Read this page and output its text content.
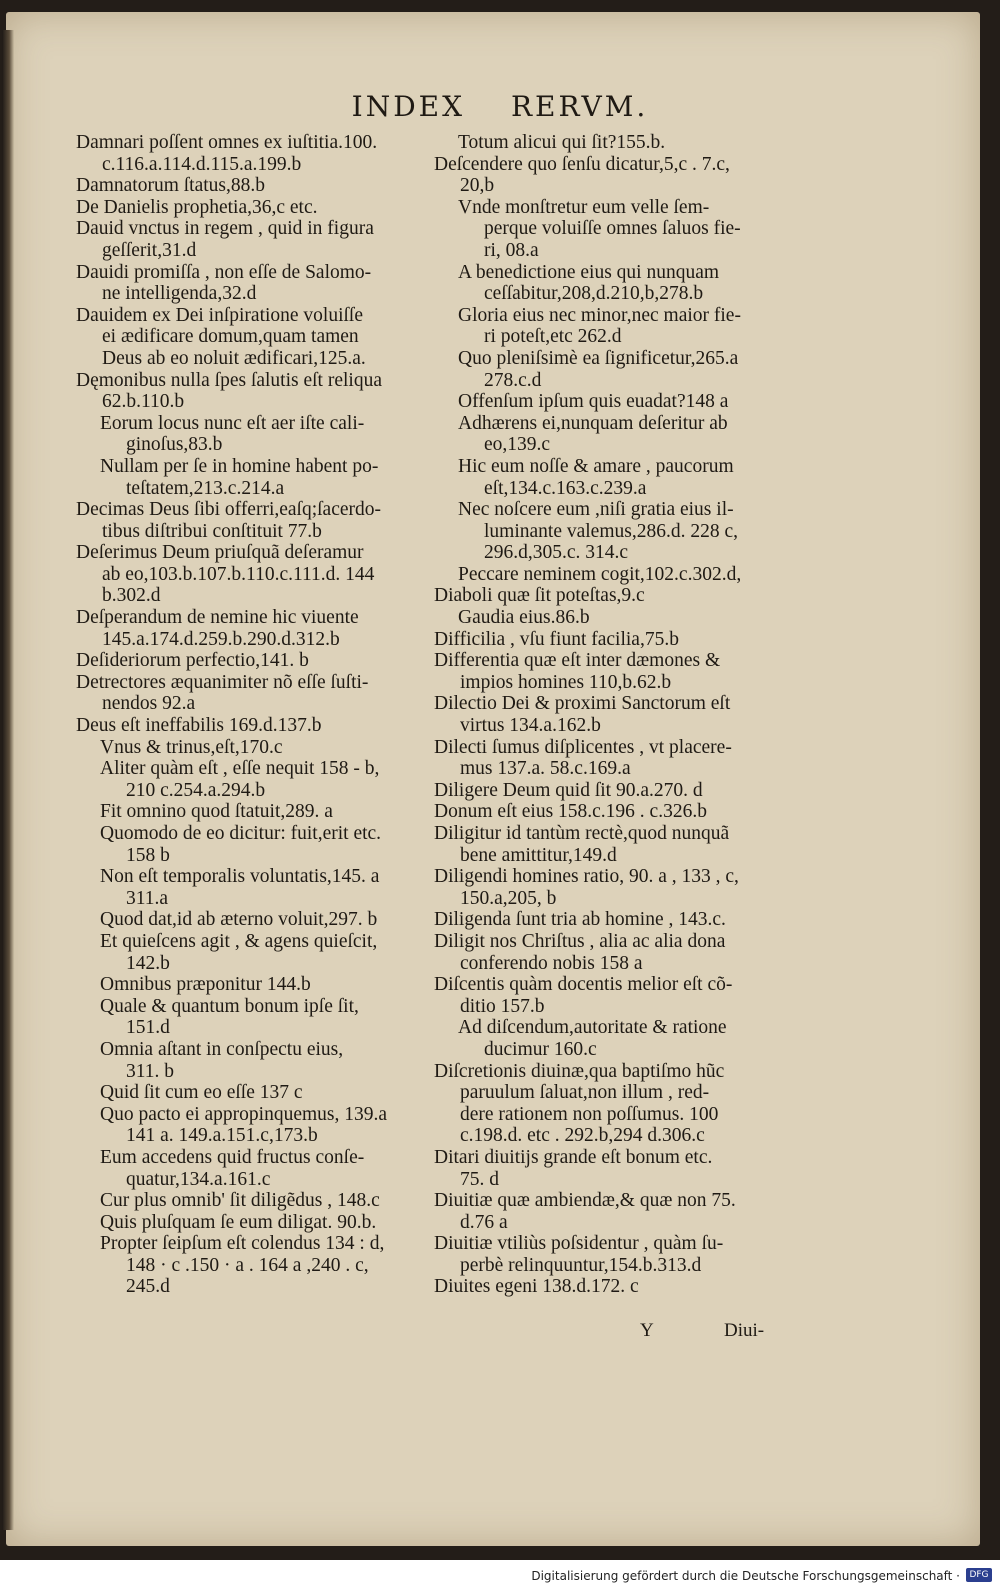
INDEX RERVM.
Damnari poſſent omnes ex iuſtitia.100.
c.116.a.114.d.115.a.199.b
Damnatorum ſtatus,88.b
De Danielis prophetia,36,c etc.
Dauid vnctus in regem , quid in figura
geſſerit,31.d
Dauidi promiſſa , non eſſe de Salomo-
ne intelligenda,32.d
Dauidem ex Dei inſpiratione voluiſſe
ei ædificare domum,quam tamen
Deus ab eo noluit ædificari,125.a.
Dęmonibus nulla ſpes ſalutis eſt reliqua
62.b.110.b
Eorum locus nunc eſt aer iſte cali-
ginoſus,83.b
Nullam per ſe in homine habent po-
teſtatem,213.c.214.a
Decimas Deus ſibi offerri,eaſq;ſacerdo-
tibus diſtribui conſtituit 77.b
Deſerimus Deum priuſquã deſeramur
ab eo,103.b.107.b.110.c.111.d. 144
b.302.d
Deſperandum de nemine hic viuente
145.a.174.d.259.b.290.d.312.b
Deſideriorum perfectio,141. b
Detrectores æquanimiter nõ eſſe ſuſti-
nendos 92.a
Deus eſt ineffabilis 169.d.137.b
Vnus & trinus,eſt,170.c
Aliter quàm eſt , eſſe nequit 158 - b,
210 c.254.a.294.b
Fit omnino quod ſtatuit,289. a
Quomodo de eo dicitur: fuit,erit etc.
158 b
Non eſt temporalis voluntatis,145. a
311.a
Quod dat,id ab æterno voluit,297. b
Et quieſcens agit , & agens quieſcit,
142.b
Omnibus præponitur 144.b
Quale & quantum bonum ipſe ſit,
151.d
Omnia aſtant in conſpectu eius,
311. b
Quid ſit cum eo eſſe 137 c
Quo pacto ei appropinquemus, 139.a
141 a. 149.a.151.c,173.b
Eum accedens quid fructus conſe-
quatur,134.a.161.c
Cur plus omnib' ſit diligẽdus , 148.c
Quis pluſquam ſe eum diligat. 90.b.
Propter ſeipſum eſt colendus 134 : d,
148 · c .150 · a . 164 a ,240 . c,
245.d
Totum alicui qui ſit?155.b.
Deſcendere quo ſenſu dicatur,5,c . 7.c,
20,b
Vnde monſtretur eum velle ſem-
perque voluiſſe omnes ſaluos fie-
ri, 08.a
A benedictione eius qui nunquam
ceſſabitur,208,d.210,b,278.b
Gloria eius nec minor,nec maior fie-
ri poteſt,etc 262.d
Quo pleniſsimè ea ſignificetur,265.a
278.c.d
Offenſum ipſum quis euadat?148 a
Adhærens ei,nunquam deſeritur ab
eo,139.c
Hic eum noſſe & amare , paucorum
eſt,134.c.163.c.239.a
Nec noſcere eum ,niſi gratia eius il-
luminante valemus,286.d. 228 c,
296.d,305.c. 314.c
Peccare neminem cogit,102.c.302.d,
Diaboli quæ ſit poteſtas,9.c
Gaudia eius.86.b
Difficilia , vſu fiunt facilia,75.b
Differentia quæ eſt inter dæmones &
impios homines 110,b.62.b
Dilectio Dei & proximi Sanctorum eſt
virtus 134.a.162.b
Dilecti ſumus diſplicentes , vt placere-
mus 137.a. 58.c.169.a
Diligere Deum quid ſit 90.a.270. d
Donum eſt eius 158.c.196 . c.326.b
Diligitur id tantùm rectè,quod nunquã
bene amittitur,149.d
Diligendi homines ratio, 90. a , 133 , c,
150.a,205, b
Diligenda ſunt tria ab homine , 143.c.
Diligit nos Chriſtus , alia ac alia dona
conferendo nobis 158 a
Diſcentis quàm docentis melior eſt cõ-
ditio 157.b
Ad diſcendum,autoritate & ratione
ducimur 160.c
Diſcretionis diuinæ,qua baptiſmo hũc
paruulum ſaluat,non illum , red-
dere rationem non poſſumus. 100
c.198.d. etc . 292.b,294 d.306.c
Ditari diuitijs grande eſt bonum etc.
75. d
Diuitiæ quæ ambiendæ,& quæ non 75.
d.76 a
Diuitiæ vtiliùs poſsidentur , quàm ſu-
perbè relinquuntur,154.b.313.d
Diuites egeni 138.d.172. c
Y	Diui-
Digitalisierung gefördert durch die Deutsche Forschungsgemeinschaft ·	DFG
